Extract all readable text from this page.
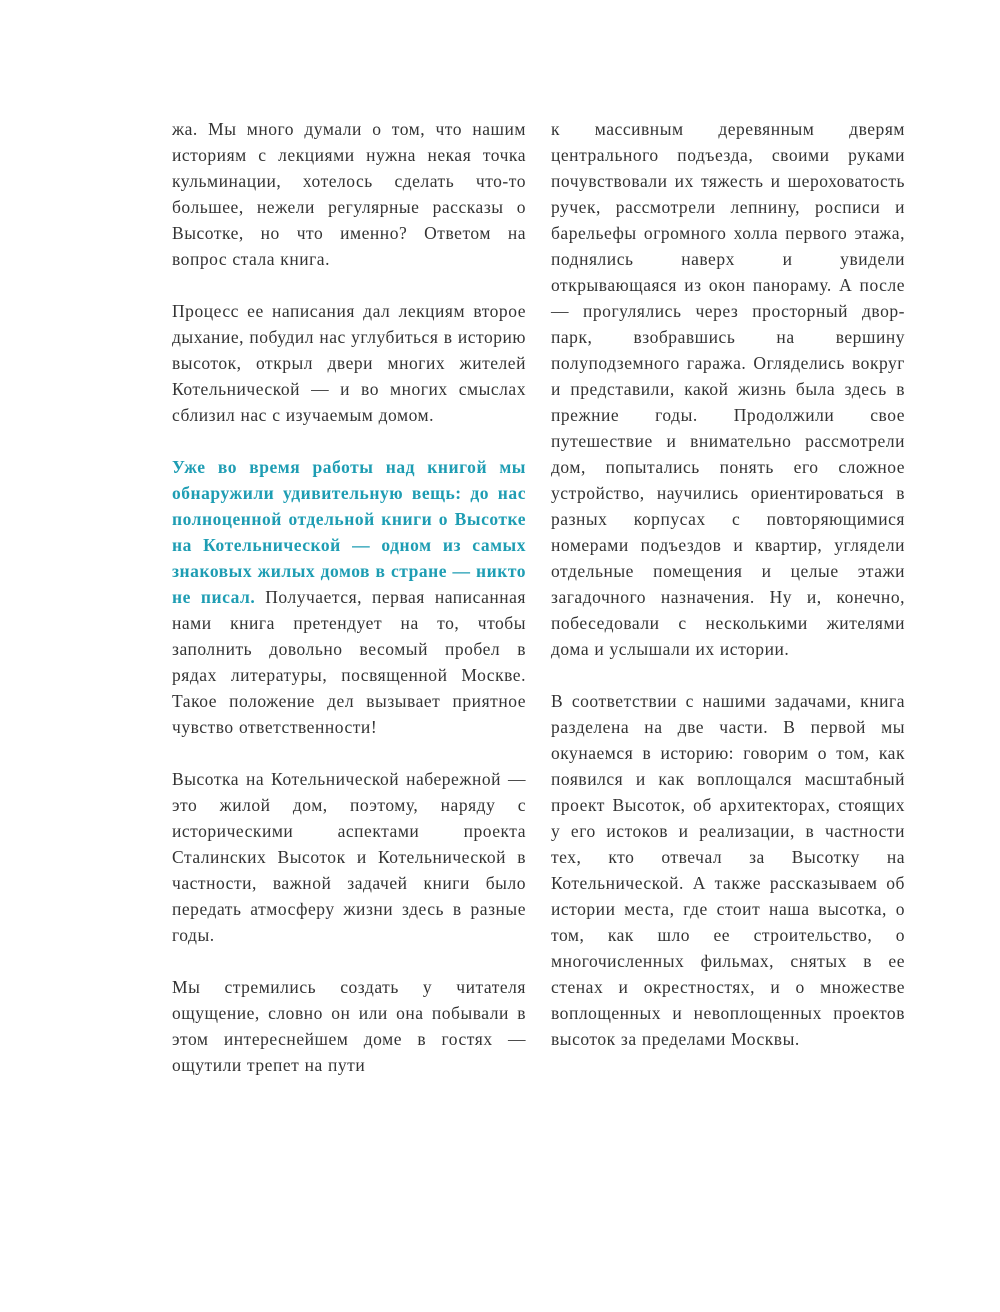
жа. Мы много думали о том, что нашим историям с лекциями нужна некая точка кульминации, хотелось сделать что-то большее, нежели регулярные рассказы о Высотке, но что именно? Ответом на вопрос стала книга.

Процесс ее написания дал лекциям второе дыхание, побудил нас углубиться в историю высоток, открыл двери многих жителей Котельнической — и во многих смыслах сблизил нас с изучаемым домом.

Уже во время работы над книгой мы обнаружили удивительную вещь: до нас полноценной отдельной книги о Высотке на Котельнической — одном из самых знаковых жилых домов в стране — никто не писал. Получается, первая написанная нами книга претендует на то, чтобы заполнить довольно весомый пробел в рядах литературы, посвященной Москве. Такое положение дел вызывает приятное чувство ответственности!

Высотка на Котельнической набережной — это жилой дом, поэтому, наряду с историческими аспектами проекта Сталинских Высоток и Котельнической в частности, важной задачей книги было передать атмосферу жизни здесь в разные годы.

Мы стремились создать у читателя ощущение, словно он или она побывали в этом интереснейшем доме в гостях — ощутили трепет на пути

к массивным деревянным дверям центрального подъезда, своими руками почувствовали их тяжесть и шероховатость ручек, рассмотрели лепнину, росписи и барельефы огромного холла первого этажа, поднялись наверх и увидели открывающаяся из окон панораму. А после — прогулялись через просторный двор-парк, взобравшись на вершину полуподземного гаража. Огляделись вокруг и представили, какой жизнь была здесь в прежние годы. Продолжили свое путешествие и внимательно рассмотрели дом, попытались понять его сложное устройство, научились ориентироваться в разных корпусах с повторяющимися номерами подъездов и квартир, углядели отдельные помещения и целые этажи загадочного назначения. Ну и, конечно, побеседовали с несколькими жителями дома и услышали их истории.

В соответствии с нашими задачами, книга разделена на две части. В первой мы окунаемся в историю: говорим о том, как появился и как воплощался масштабный проект Высоток, об архитекторах, стоящих у его истоков и реализации, в частности тех, кто отвечал за Высотку на Котельнической. А также рассказываем об истории места, где стоит наша высотка, о том, как шло ее строительство, о многочисленных фильмах, снятых в ее стенах и окрестностях, и о множестве воплощенных и невоплощенных проектов высоток за пределами Москвы.
